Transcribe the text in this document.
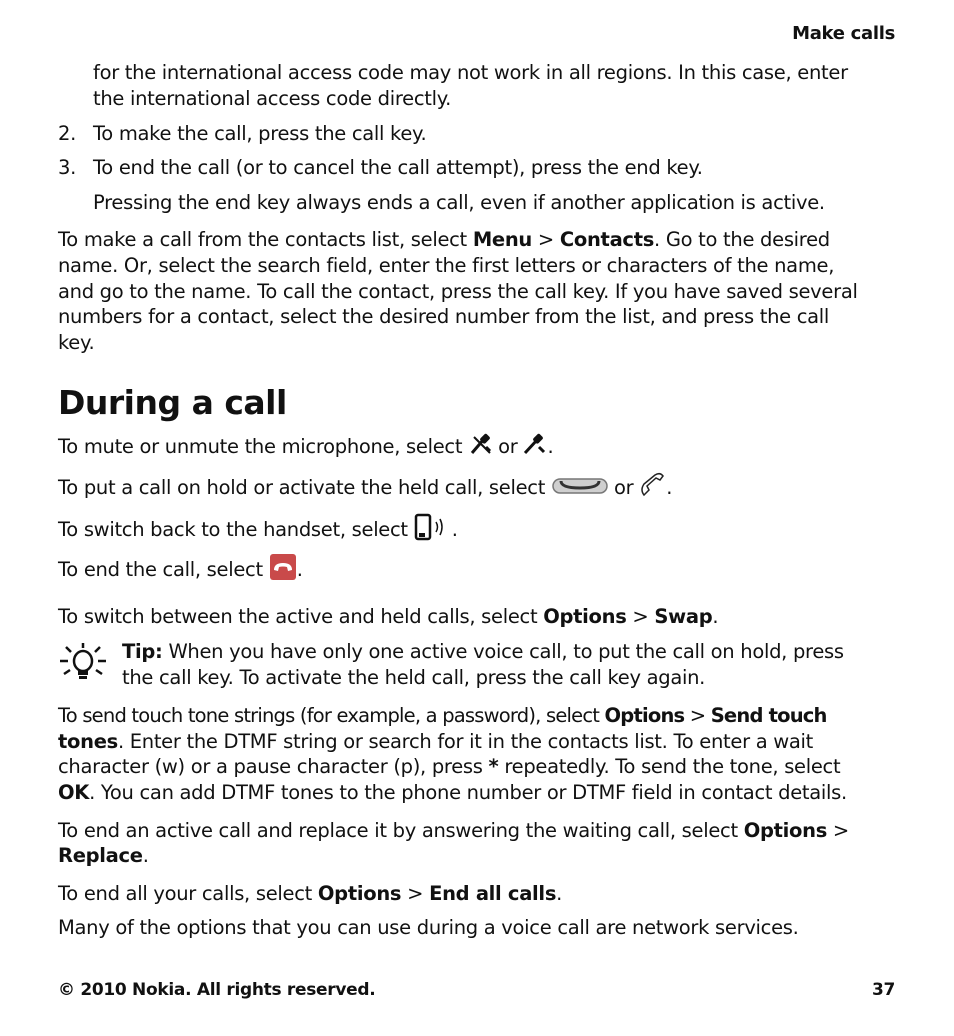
Make calls
for the international access code may not work in all regions. In this case, enter
the international access code directly.
2. To make the call, press the call key.
3. To end the call (or to cancel the call attempt), press the end key.
Pressing the end key always ends a call, even if another application is active.
To make a call from the contacts list, select Menu > Contacts. Go to the desired
name. Or, select the search field, enter the first letters or characters of the name,
and go to the name. To call the contact, press the call key. If you have saved several
numbers for a contact, select the desired number from the list, and press the call
key.
During a call
To mute or unmute the microphone, select or .
To put a call on hold or activate the held call, select	or .
To switch back to the handset, select .
To end the call, select .
To switch between the active and held calls, select Options > Swap.
Tip: When you have only one active voice call, to put the call on hold, press
the call key. To activate the held call, press the call key again.
To send touch tone strings (for example, a password), select Options > Send touch
tones. Enter the DTMF string or search for it in the contacts list. To enter a wait
character (w) or a pause character (p), press * repeatedly. To send the tone, select
OK. You can add DTMF tones to the phone number or DTMF field in contact details.
To end an active call and replace it by answering the waiting call, select Options >
Replace.
To end all your calls, select Options > End all calls.
Many of the options that you can use during a voice call are network services.
© 2010 Nokia. All rights reserved.	37
